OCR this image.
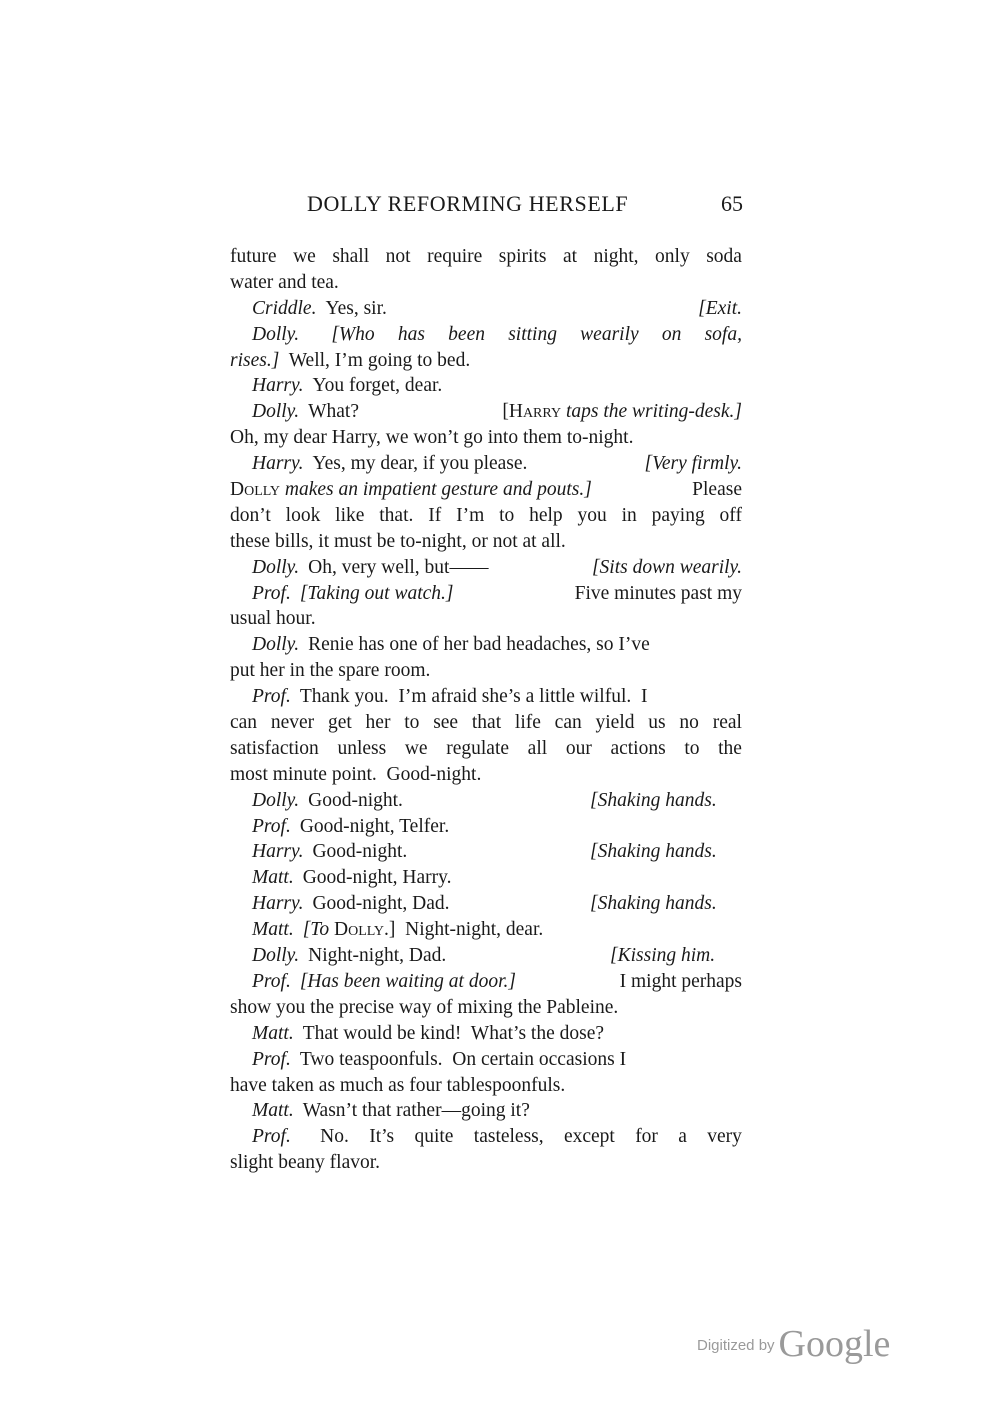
DOLLY REFORMING HERSELF	65
future we shall not require spirits at night, only soda
water and tea.
Criddle. Yes, sir.	[Exit.
Dolly. [Who has been sitting wearily on sofa,
rises.] Well, I’m going to bed.
Harry. You forget, dear.
Dolly. What?	[Harry taps the writing-desk.]
Oh, my dear Harry, we won’t go into them to-night.
Harry. Yes, my dear, if you please.	[Very firmly.
Dolly makes an impatient gesture and pouts.]	Please
don’t look like that. If I’m to help you in paying off
these bills, it must be to-night, or not at all.
Dolly. Oh, very well, but——	[Sits down wearily.
Prof. [Taking out watch.]	Five minutes past my
usual hour.
Dolly. Renie has one of her bad headaches, so I’ve
put her in the spare room.
Prof. Thank you.  I’m afraid she’s a little wilful.  I
can never get her to see that life can yield us no real
satisfaction unless we regulate all our actions to the
most minute point.  Good-night.
Dolly. Good-night.	[Shaking hands.
Prof. Good-night, Telfer.
Harry. Good-night.	[Shaking hands.
Matt. Good-night, Harry.
Harry. Good-night, Dad.	[Shaking hands.
Matt. [To Dolly.] Night-night, dear.
Dolly. Night-night, Dad.	[Kissing him.
Prof. [Has been waiting at door.]	I might perhaps
show you the precise way of mixing the Pableine.
Matt. That would be kind!  What’s the dose?
Prof. Two teaspoonfuls.  On certain occasions I
have taken as much as four tablespoonfuls.
Matt. Wasn’t that rather—going it?
Prof. No. It’s quite tasteless, except for a very
slight beany flavor.
Digitized by Google
